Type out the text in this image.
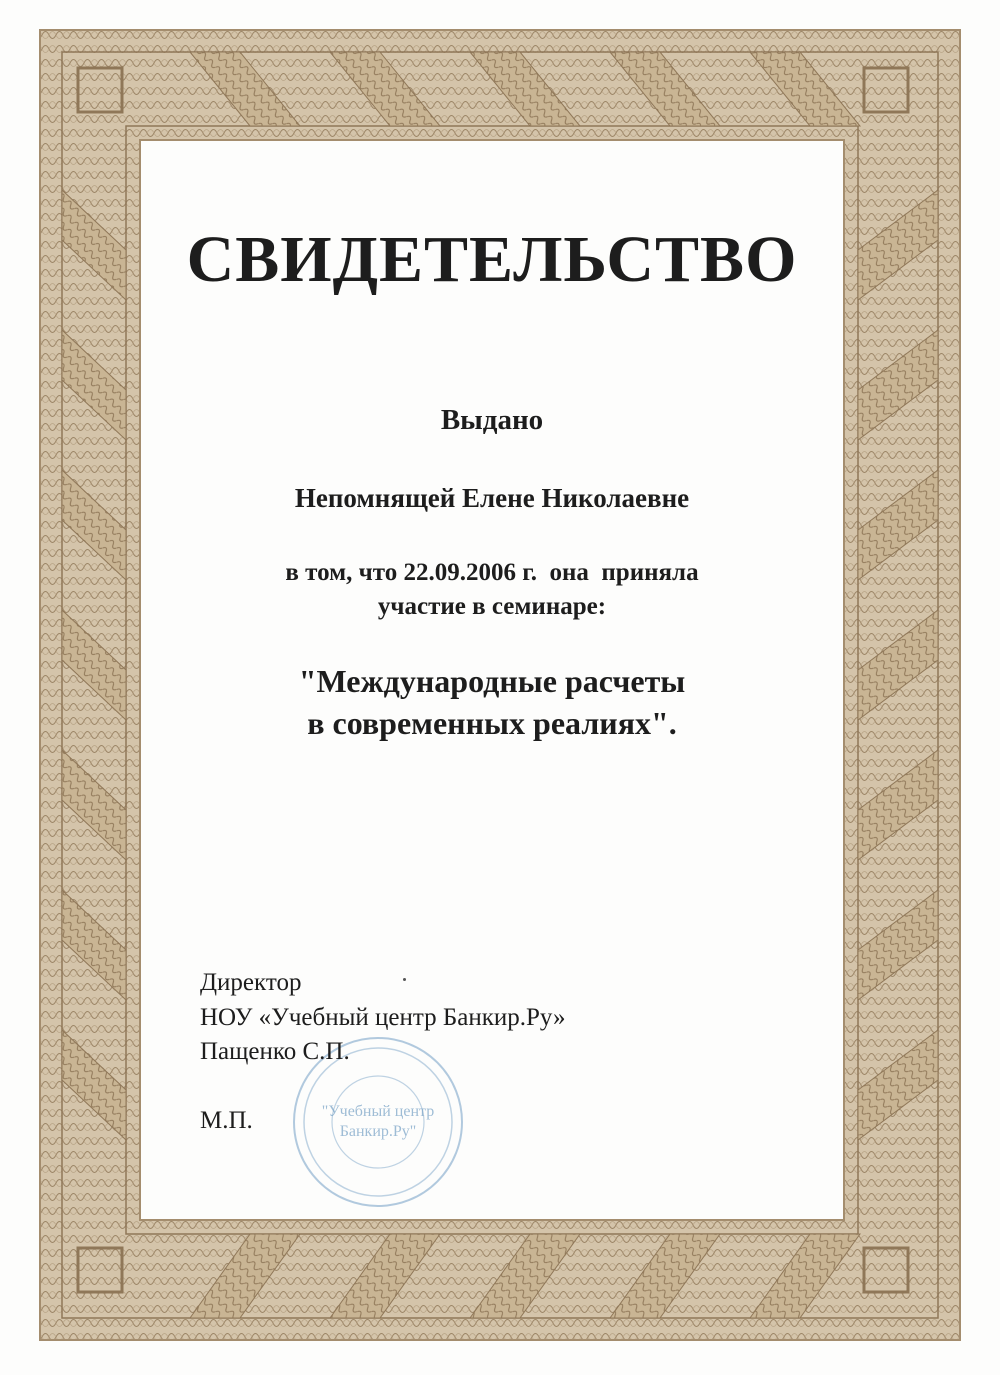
СВИДЕТЕЛЬСТВО
Выдано
Непомнящей Елене Николаевне
в том, что 22.09.2006 г.  она  приняла
участие в семинаре:
"Международные расчеты
в современных реалиях".
"Учебный центр
Банкир.Ру"
Директор
НОУ «Учебный центр Банкир.Ру»
Пащенко С.П.
М.П.
